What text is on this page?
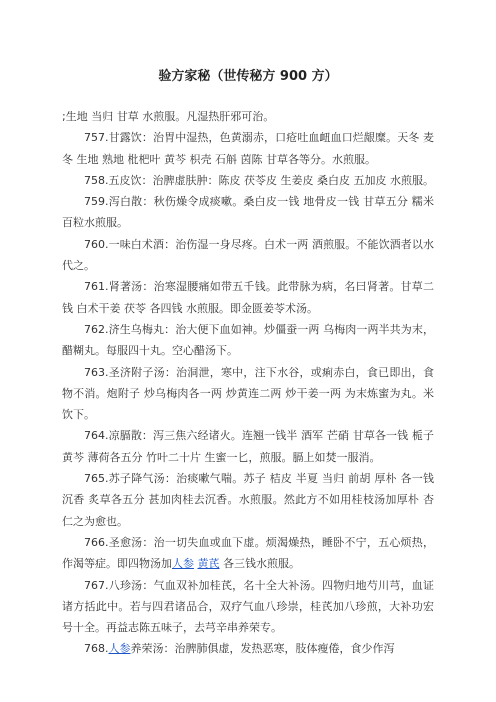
验方家秘（世传秘方 900 方）

;生地 当归 甘草 水煎服。凡湿热肝邪可治。

757.甘露饮：治胃中湿热，色黄溺赤，口疮吐血衄血口烂龈糜。天冬 麦冬 生地 熟地 枇杷叶 黄芩 枳壳 石斛 茵陈 甘草各等分。水煎服。

758.五皮饮：治脾虚肤肿：陈皮 茯苓皮 生姜皮 桑白皮 五加皮 水煎服。

759.泻白散：秋伤燥令成痰嗽。桑白皮一钱 地骨皮一钱 甘草五分 糯米百粒水煎服。

760.一味白术酒：治伤湿一身尽疼。白术一两 酒煎服。不能饮酒者以水代之。

761.肾著汤：治寒湿腰痛如带五千钱。此带脉为病，名曰肾著。甘草二钱 白术干姜 茯苓 各四钱 水煎服。即金匮姜苓术汤。

762.济生乌梅丸：治大便下血如神。炒僵蚕一两 乌梅肉一两半共为末，醋糊丸。每服四十丸。空心醋汤下。

763.圣济附子汤：治洞泄，寒中，注下水谷，或痢赤白，食已即出，食物不消。炮附子 炒乌梅肉各一两 炒黄连二两 炒干姜一两 为末炼蜜为丸。米饮下。

764.凉膈散：泻三焦六经诸火。连翘一钱半 酒军 芒硝 甘草各一钱 栀子 黄芩 薄荷各五分 竹叶二十片 生蜜一匕，煎服。膈上如焚一服消。

765.苏子降气汤：治痰嗽气喘。苏子 桔皮 半夏 当归 前胡 厚朴 各一钱 沉香 炙草各五分 甚加肉桂去沉香。水煎服。然此方不如用桂枝汤加厚朴 杏仁之为愈也。

766.圣愈汤：治一切失血或血下虚。烦渴燥热，睡卧不宁，五心烦热，作渴等症。即四物汤加人参 黄芪 各三钱水煎服。

767.八珍汤：气血双补加桂芪，名十全大补汤。四物归地芍川芎，血证诸方括此中。若与四君诸品合，双疗气血八珍崇，桂芪加八珍煎，大补功宏号十全。再益志陈五味子，去芎辛串养荣专。

768.人参养荣汤：治脾肺俱虚，发热恶寒，肢体瘦倦，食少作泻
